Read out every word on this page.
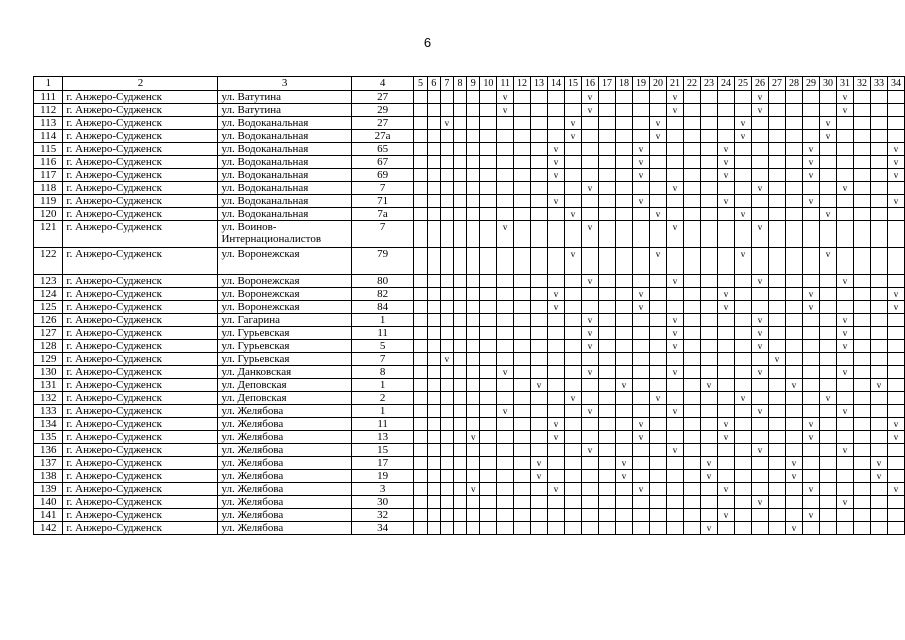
6
1	2	3	4	5	6	7	8	9	10	11	12	13	14	15	16	17	18	19	20	21	22	23	24	25	26	27	28	29	30	31	32	33	34
111	г. Анжеро-Судженск	ул. Ватутина	27							v					v					v					v					v			
112	г. Анжеро-Судженск	ул. Ватутина	29							v					v					v					v					v			
113	г. Анжеро-Судженск	ул. Водоканальная	27			v								v					v					v					v				
114	г. Анжеро-Судженск	ул. Водоканальная	27а											v					v					v					v				
115	г. Анжеро-Судженск	ул. Водоканальная	65										v					v					v					v					v
116	г. Анжеро-Судженск	ул. Водоканальная	67										v					v					v					v					v
117	г. Анжеро-Судженск	ул. Водоканальная	69										v					v					v					v					v
118	г. Анжеро-Судженск	ул. Водоканальная	7												v					v					v					v			
119	г. Анжеро-Судженск	ул. Водоканальная	71										v					v					v					v					v
120	г. Анжеро-Судженск	ул. Водоканальная	7а											v					v					v					v				
121	г. Анжеро-Судженск	ул. Воинов-Интернационалистов	7							v					v					v					v								
122	г. Анжеро-Судженск	ул. Воронежская	79											v					v					v					v				
123	г. Анжеро-Судженск	ул. Воронежская	80												v					v					v					v			
124	г. Анжеро-Судженск	ул. Воронежская	82										v					v					v					v					v
125	г. Анжеро-Судженск	ул. Воронежская	84										v					v					v					v					v
126	г. Анжеро-Судженск	ул. Гагарина	1												v					v					v					v			
127	г. Анжеро-Судженск	ул. Гурьевская	11												v					v					v					v			
128	г. Анжеро-Судженск	ул. Гурьевская	5												v					v					v					v			
129	г. Анжеро-Судженск	ул. Гурьевская	7			v																				v							
130	г. Анжеро-Судженск	ул. Данковская	8							v					v					v					v					v			
131	г. Анжеро-Судженск	ул. Деповская	1									v					v					v					v					v	
132	г. Анжеро-Судженск	ул. Деповская	2											v					v					v					v				
133	г. Анжеро-Судженск	ул. Желябова	1							v					v					v					v					v			
134	г. Анжеро-Судженск	ул. Желябова	11										v					v					v					v					v
135	г. Анжеро-Судженск	ул. Желябова	13					v					v					v					v					v					v
136	г. Анжеро-Судженск	ул. Желябова	15												v					v					v					v			
137	г. Анжеро-Судженск	ул. Желябова	17									v					v					v					v					v	
138	г. Анжеро-Судженск	ул. Желябова	19									v					v					v					v					v	
139	г. Анжеро-Судженск	ул. Желябова	3					v					v					v					v					v					v
140	г. Анжеро-Судженск	ул. Желябова	30																						v					v			
141	г. Анжеро-Судженск	ул. Желябова	32																				v					v					
142	г. Анжеро-Судженск	ул. Желябова	34																			v					v						
